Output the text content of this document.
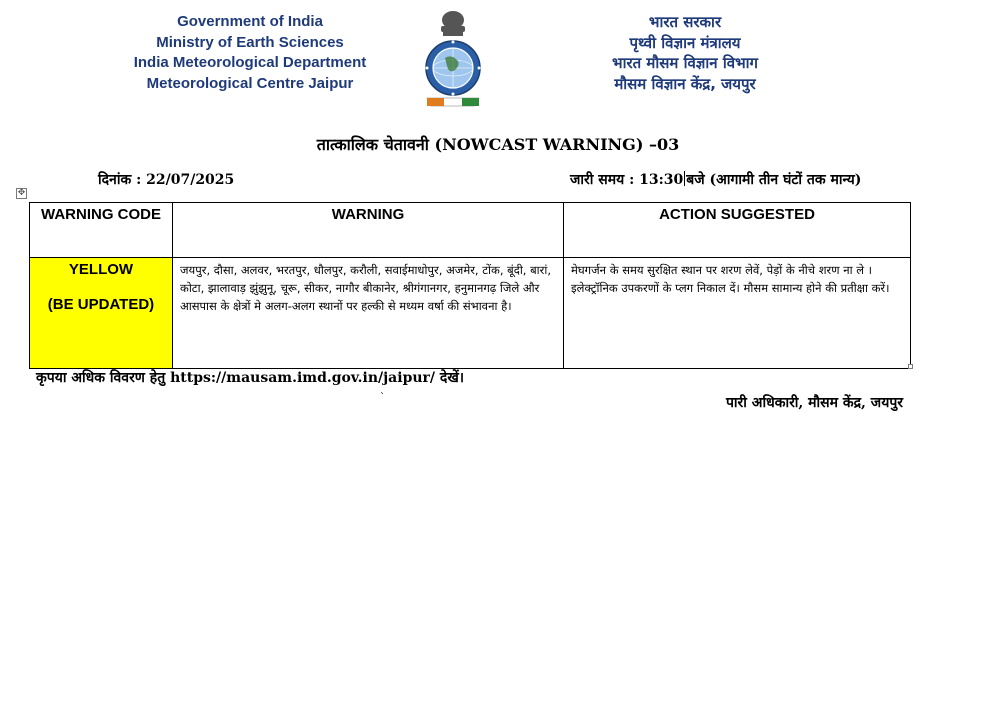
Government of India
Ministry of Earth Sciences
India Meteorological Department
Meteorological Centre Jaipur
भारत सरकार
पृथ्वी विज्ञान मंत्रालय
भारत मौसम विज्ञान विभाग
मौसम विज्ञान केंद्र, जयपुर
तात्कालिक चेतावनी (NOWCAST WARNING) –03
दिनांक : 22/07/2025	जारी समय : 13:30 बजे (आगामी तीन घंटों तक मान्य)
✥
WARNING CODE	WARNING	ACTION SUGGESTED

YELLOW
(BE UPDATED)	जयपुर, दौसा, अलवर, भरतपुर, धौलपुर, करौली, सवाईमाधोपुर, अजमेर, टोंक, बूंदी, बारां, कोटा, झालावाड़ झुंझुनू, चूरू, सीकर, नागौर बीकानेर, श्रीगंगानगर, हनुमानगढ़ जिले और आसपास के क्षेत्रों मे अलग-अलग स्थानों पर हल्की से मध्यम वर्षा की संभावना है।	मेघगर्जन के समय सुरक्षित स्थान पर शरण लेवें, पेड़ों के नीचे शरण ना ले । इलेक्ट्रॉनिक उपकरणों के प्लग निकाल दें। मौसम सामान्य होने की प्रतीक्षा करें।
कृपया अधिक विवरण हेतु https://mausam.imd.gov.in/jaipur/ देखें।
`	पारी अधिकारी, मौसम केंद्र, जयपुर
